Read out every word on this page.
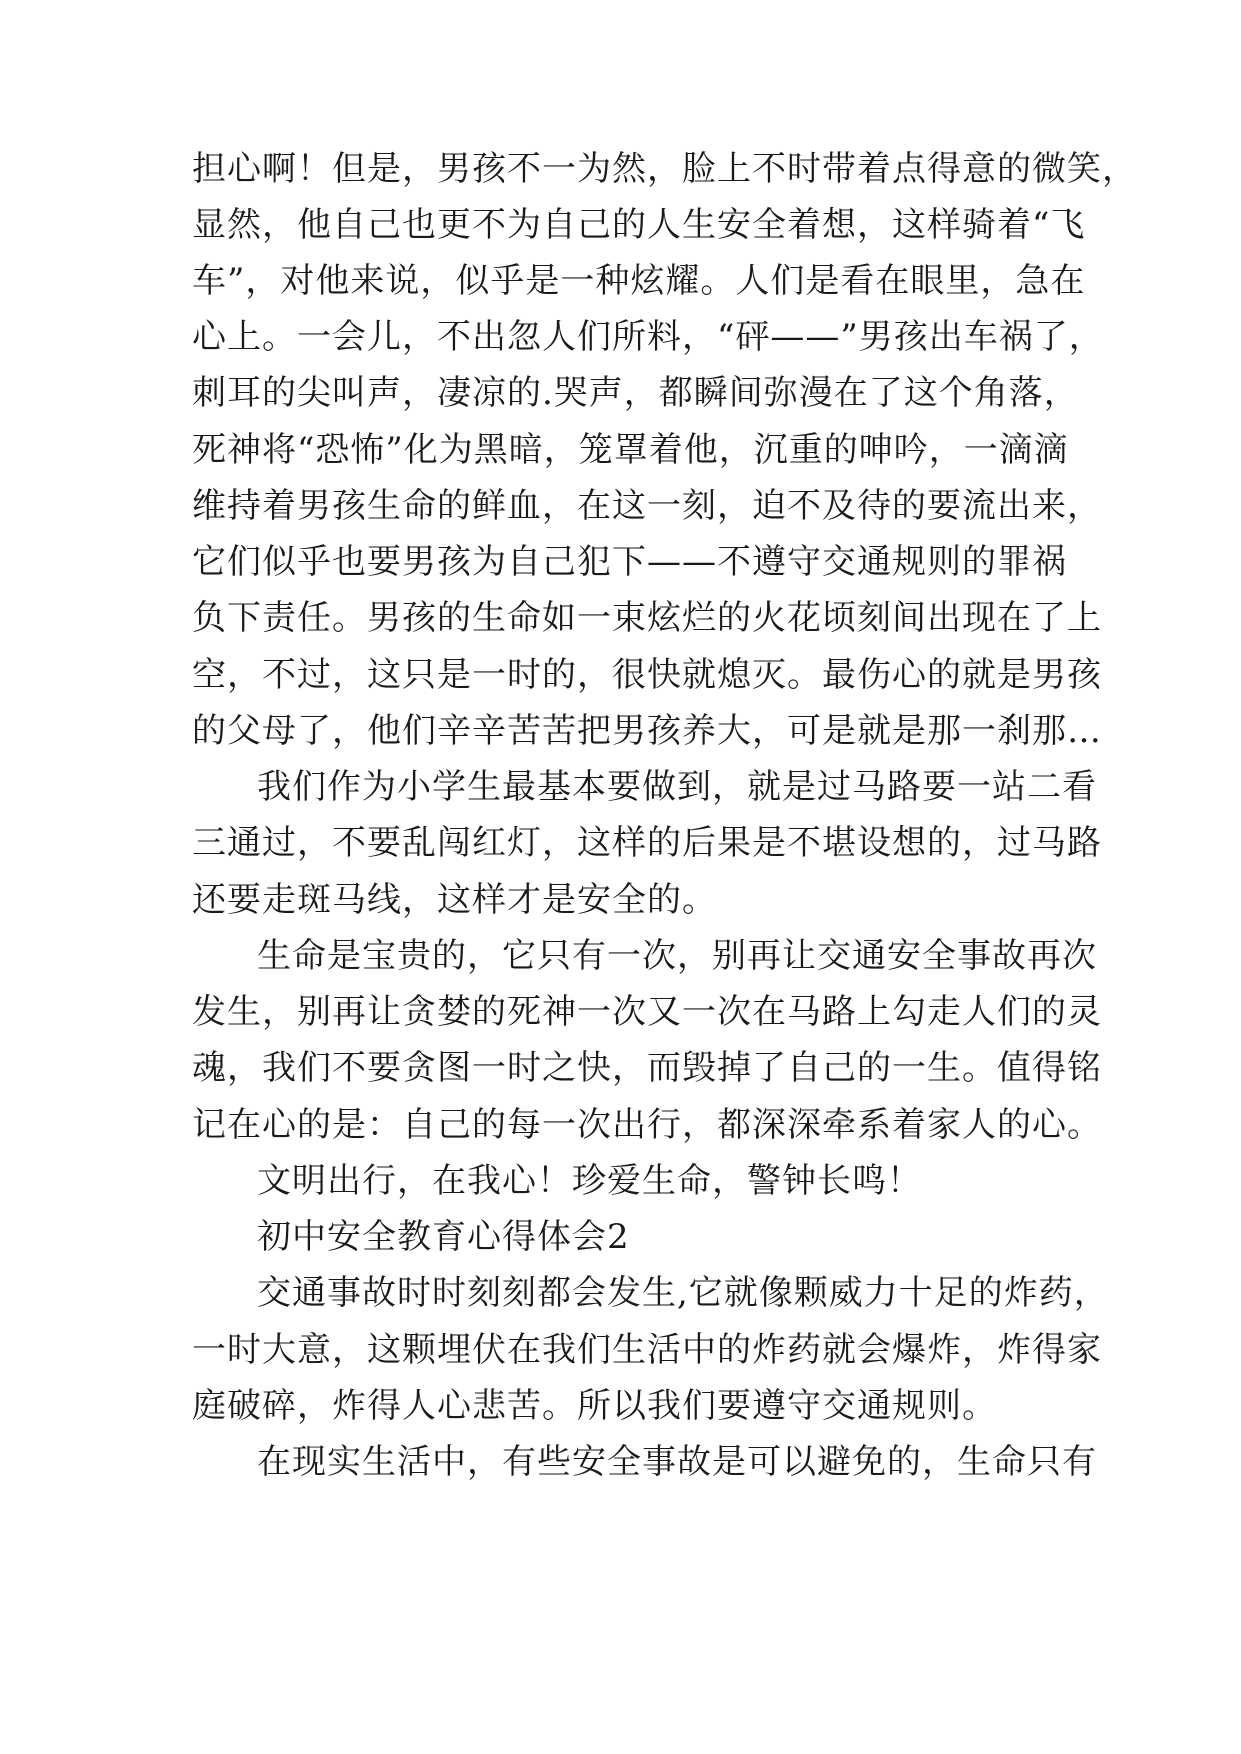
担心啊！但是，男孩不一为然，脸上不时带着点得意的微笑，
显然，他自己也更不为自己的人生安全着想，这样骑着“飞
车”，对他来说，似乎是一种炫耀。人们是看在眼里，急在
心上。一会儿，不出忽人们所料，“砰——”男孩出车祸了，
刺耳的尖叫声，凄凉的.哭声，都瞬间弥漫在了这个角落，
死神将“恐怖”化为黑暗，笼罩着他，沉重的呻吟，一滴滴
维持着男孩生命的鲜血，在这一刻，迫不及待的要流出来，
它们似乎也要男孩为自己犯下——不遵守交通规则的罪祸
负下责任。男孩的生命如一束炫烂的火花顷刻间出现在了上
空，不过，这只是一时的，很快就熄灭。最伤心的就是男孩
的父母了，他们辛辛苦苦把男孩养大，可是就是那一刹那…
我们作为小学生最基本要做到，就是过马路要一站二看
三通过，不要乱闯红灯，这样的后果是不堪设想的，过马路
还要走斑马线，这样才是安全的。
生命是宝贵的，它只有一次，别再让交通安全事故再次
发生，别再让贪婪的死神一次又一次在马路上勾走人们的灵
魂，我们不要贪图一时之快，而毁掉了自己的一生。值得铭
记在心的是：自己的每一次出行，都深深牵系着家人的心。
文明出行，在我心！珍爱生命，警钟长鸣！
初中安全教育心得体会2
交通事故时时刻刻都会发生,它就像颗威力十足的炸药，
一时大意，这颗埋伏在我们生活中的炸药就会爆炸，炸得家
庭破碎，炸得人心悲苦。所以我们要遵守交通规则。
在现实生活中，有些安全事故是可以避免的，生命只有
